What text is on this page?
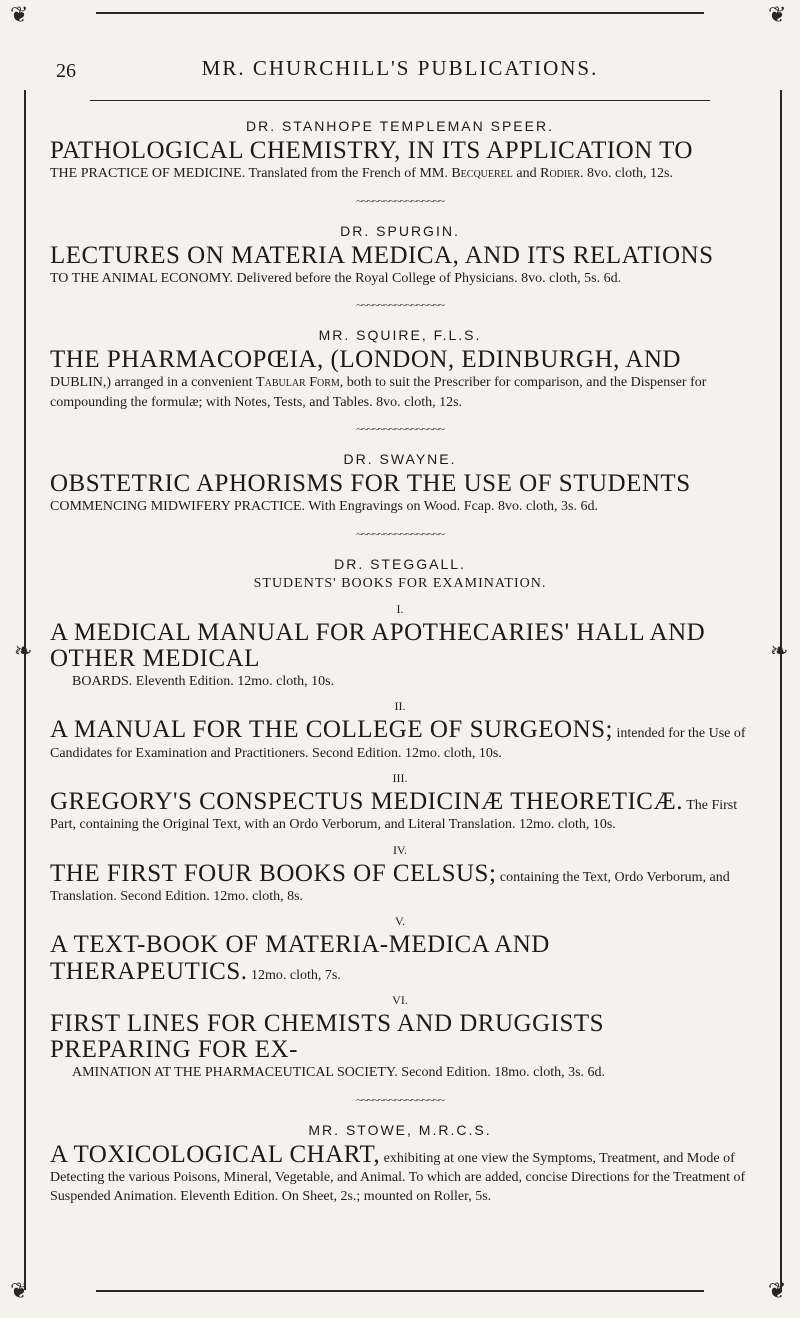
❦	❦
❦	❦
❧	❧
26	MR. CHURCHILL'S PUBLICATIONS.
DR. STANHOPE TEMPLEMAN SPEER.
PATHOLOGICAL CHEMISTRY, IN ITS APPLICATION TO
THE PRACTICE OF MEDICINE. Translated from the French of MM. Becquerel and Rodier. 8vo. cloth, 12s.
~~~~~~~~~~~~~~~~
DR. SPURGIN.
LECTURES ON MATERIA MEDICA, AND ITS RELATIONS
TO THE ANIMAL ECONOMY. Delivered before the Royal College of Physicians. 8vo. cloth, 5s. 6d.
~~~~~~~~~~~~~~~~
MR. SQUIRE, F.L.S.
THE PHARMACOPŒIA, (LONDON, EDINBURGH, AND
DUBLIN,) arranged in a convenient Tabular Form, both to suit the Prescriber for comparison, and the Dispenser for compounding the formulæ; with Notes, Tests, and Tables. 8vo. cloth, 12s.
~~~~~~~~~~~~~~~~
DR. SWAYNE.
OBSTETRIC APHORISMS FOR THE USE OF STUDENTS
COMMENCING MIDWIFERY PRACTICE. With Engravings on Wood. Fcap. 8vo. cloth, 3s. 6d.
~~~~~~~~~~~~~~~~
DR. STEGGALL.
STUDENTS' BOOKS FOR EXAMINATION.
I.
A MEDICAL MANUAL FOR APOTHECARIES' HALL AND OTHER MEDICAL
BOARDS. Eleventh Edition. 12mo. cloth, 10s.
II.
A MANUAL FOR THE COLLEGE OF SURGEONS; intended for the Use of Candidates for Examination and Practitioners. Second Edition. 12mo. cloth, 10s.
III.
GREGORY'S CONSPECTUS MEDICINÆ THEORETICÆ. The First Part, containing the Original Text, with an Ordo Verborum, and Literal Translation. 12mo. cloth, 10s.
IV.
THE FIRST FOUR BOOKS OF CELSUS; containing the Text, Ordo Verborum, and Translation. Second Edition. 12mo. cloth, 8s.
V.
A TEXT-BOOK OF MATERIA-MEDICA AND THERAPEUTICS. 12mo. cloth, 7s.
VI.
FIRST LINES FOR CHEMISTS AND DRUGGISTS PREPARING FOR EX-
AMINATION AT THE PHARMACEUTICAL SOCIETY. Second Edition. 18mo. cloth, 3s. 6d.
~~~~~~~~~~~~~~~~
MR. STOWE, M.R.C.S.
A TOXICOLOGICAL CHART, exhibiting at one view the Symptoms, Treatment, and Mode of Detecting the various Poisons, Mineral, Vegetable, and Animal. To which are added, concise Directions for the Treatment of Suspended Animation. Eleventh Edition. On Sheet, 2s.; mounted on Roller, 5s.
